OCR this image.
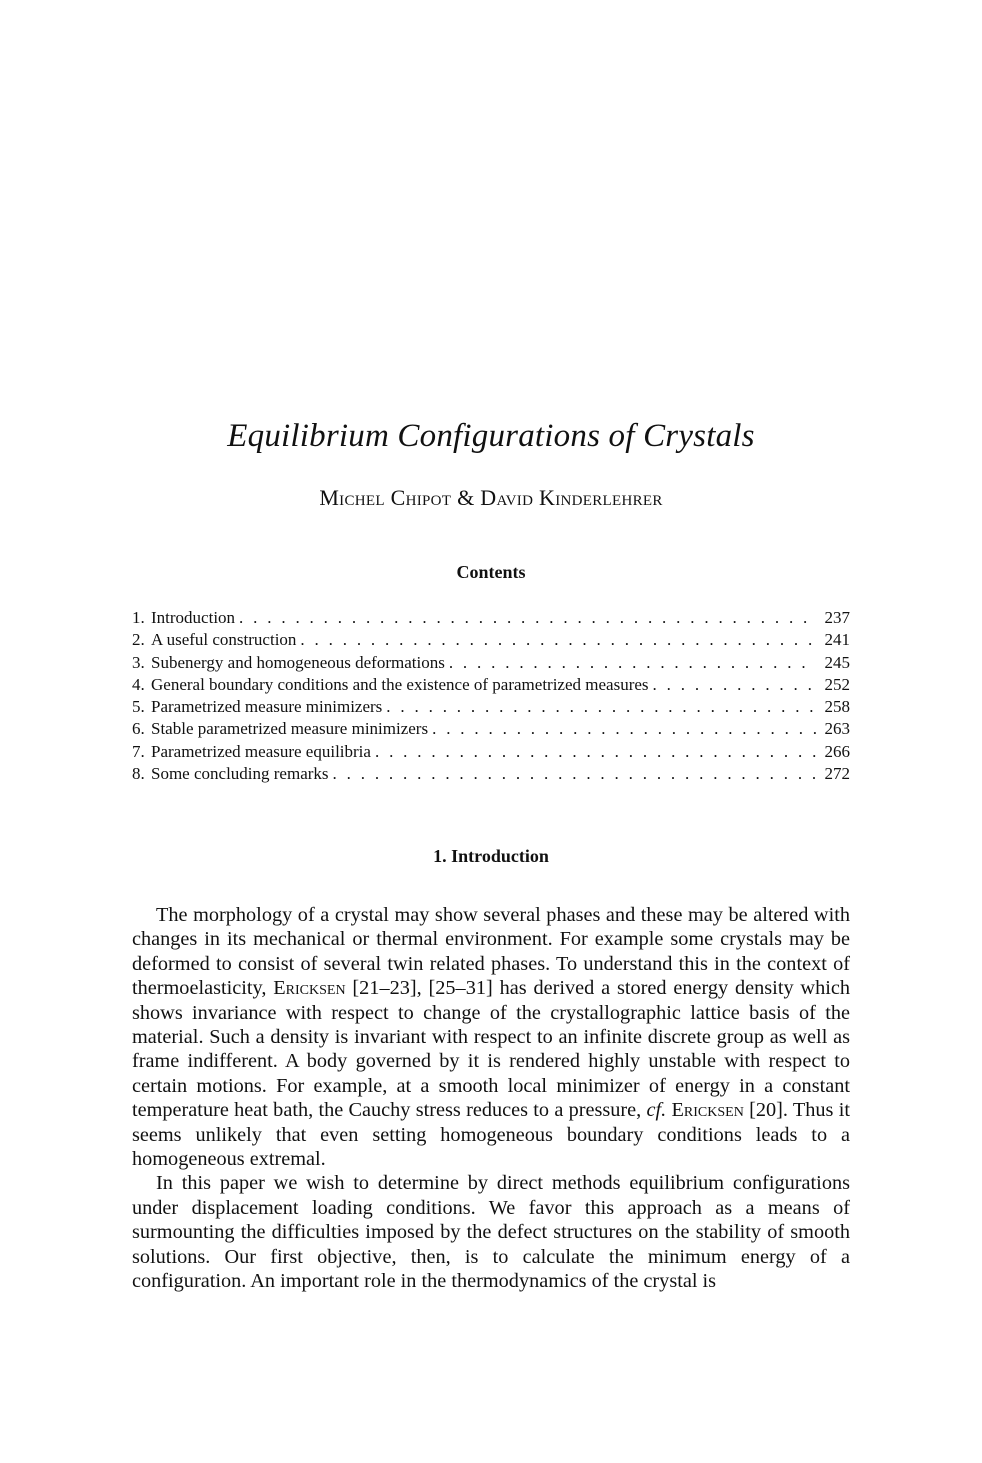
Equilibrium Configurations of Crystals
Michel Chipot & David Kinderlehrer
Contents
1. Introduction . . .	237
2. A useful construction . . .	241
3. Subenergy and homogeneous deformations . . .	245
4. General boundary conditions and the existence of parametrized measures . . .	252
5. Parametrized measure minimizers . . .	258
6. Stable parametrized measure minimizers . . .	263
7. Parametrized measure equilibria . . .	266
8. Some concluding remarks . . .	272
1. Introduction

The morphology of a crystal may show several phases and these may be altered with changes in its mechanical or thermal environment. For example some crystals may be deformed to consist of several twin related phases. To understand this in the context of thermoelasticity, Ericksen [21–23], [25–31] has derived a stored energy density which shows invariance with respect to change of the crystallographic lattice basis of the material. Such a density is invariant with respect to an infinite discrete group as well as frame indifferent. A body governed by it is rendered highly unstable with respect to certain motions. For example, at a smooth local minimizer of energy in a constant temperature heat bath, the Cauchy stress reduces to a pressure, cf. Ericksen [20]. Thus it seems unlikely that even setting homogeneous boundary conditions leads to a homogeneous extremal.

In this paper we wish to determine by direct methods equilibrium configurations under displacement loading conditions. We favor this approach as a means of surmounting the difficulties imposed by the defect structures on the stability of smooth solutions. Our first objective, then, is to calculate the minimum energy of a configuration. An important role in the thermodynamics of the crystal is
